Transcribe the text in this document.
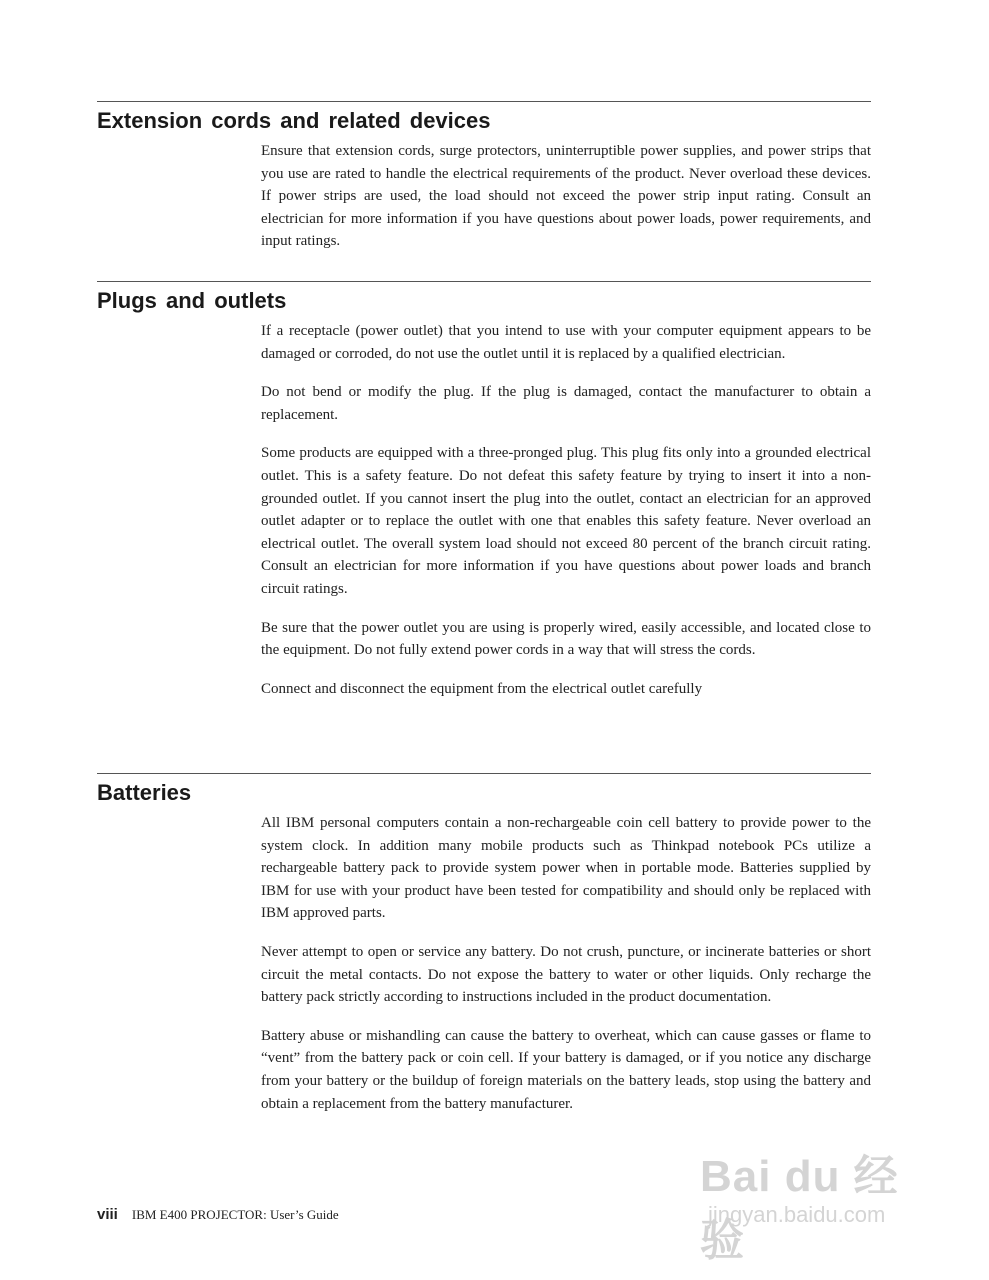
Extension cords and related devices

Ensure that extension cords, surge protectors, uninterruptible power supplies, and power strips that you use are rated to handle the electrical requirements of the product. Never overload these devices. If power strips are used, the load should not exceed the power strip input rating. Consult an electrician for more information if you have questions about power loads, power requirements, and input ratings.

Plugs and outlets

If a receptacle (power outlet) that you intend to use with your computer equipment appears to be damaged or corroded, do not use the outlet until it is replaced by a qualified electrician.

Do not bend or modify the plug. If the plug is damaged, contact the manufacturer to obtain a replacement.

Some products are equipped with a three-pronged plug. This plug fits only into a grounded electrical outlet. This is a safety feature. Do not defeat this safety feature by trying to insert it into a non-grounded outlet. If you cannot insert the plug into the outlet, contact an electrician for an approved outlet adapter or to replace the outlet with one that enables this safety feature. Never overload an electrical outlet. The overall system load should not exceed 80 percent of the branch circuit rating. Consult an electrician for more information if you have questions about power loads and branch circuit ratings.

Be sure that the power outlet you are using is properly wired, easily accessible, and located close to the equipment. Do not fully extend power cords in a way that will stress the cords.

Connect and disconnect the equipment from the electrical outlet carefully

Batteries

All IBM personal computers contain a non-rechargeable coin cell battery to provide power to the system clock. In addition many mobile products such as Thinkpad notebook PCs utilize a rechargeable battery pack to provide system power when in portable mode. Batteries supplied by IBM for use with your product have been tested for compatibility and should only be replaced with IBM approved parts.

Never attempt to open or service any battery. Do not crush, puncture, or incinerate batteries or short circuit the metal contacts. Do not expose the battery to water or other liquids. Only recharge the battery pack strictly according to instructions included in the product documentation.

Battery abuse or mishandling can cause the battery to overheat, which can cause gasses or flame to “vent” from the battery pack or coin cell. If your battery is damaged, or if you notice any discharge from your battery or the buildup of foreign materials on the battery leads, stop using the battery and obtain a replacement from the battery manufacturer.

viii IBM E400 PROJECTOR: User’s Guide
Bai du 经验
jingyan.baidu.com
